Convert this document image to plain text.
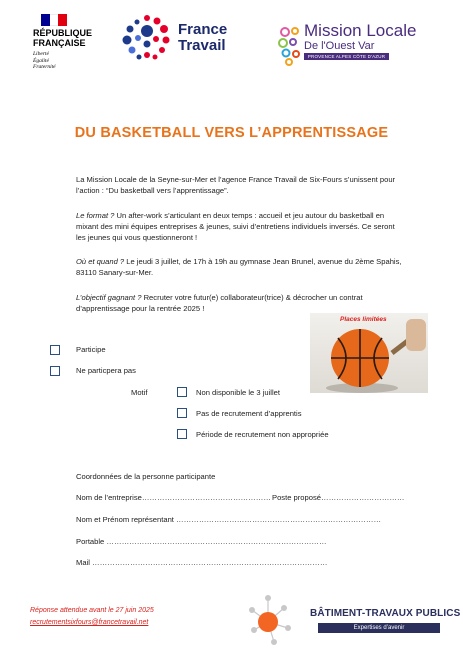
RÉPUBLIQUE
FRANÇAISE
Liberté
Égalité
Fraternité
France
Travail
Mission Locale
De l'Ouest Var
PROVENCE ALPES CÔTE D'AZUR
DU BASKETBALL VERS L’APPRENTISSAGE
La Mission Locale de la Seyne-sur-Mer et l’agence France Travail de Six-Fours s’unissent pour l’action : “Du basketball vers l’apprentissage”.
Le format ? Un after-work s’articulant en deux temps : accueil et jeu autour du basketball en mixant des mini équipes entreprises & jeunes, suivi d’entretiens individuels inversés. Ce seront les jeunes qui vous questionneront !
Où et quand ? Le jeudi 3 juillet, de 17h à 19h au gymnase Jean Brunel, avenue du 2ème Spahis, 83110 Sanary-sur-Mer.
L’objectif gagnant ? Recruter votre futur(e) collaborateur(trice) & décrocher un contrat d’apprentissage pour la rentrée 2025 !
Places limitées
Participe
Ne particpera pas
Motif	Non disponible le 3 juillet
Pas de recrutement d’apprentis
Période de recrutement non appropriée
Coordonnées de la personne participante
Nom de l’entreprise…………………………………………… Poste proposé……………………………
Nom et Prénom représentant ………………………………………………………………………
Portable ……………………………………………………………………………
Mail …………………………………………………………………………………
Réponse attendue avant le 27 juin 2025
recrutementsixfours@francetravail.net
BÂTIMENT-TRAVAUX PUBLICS
Expertises d’avenir
